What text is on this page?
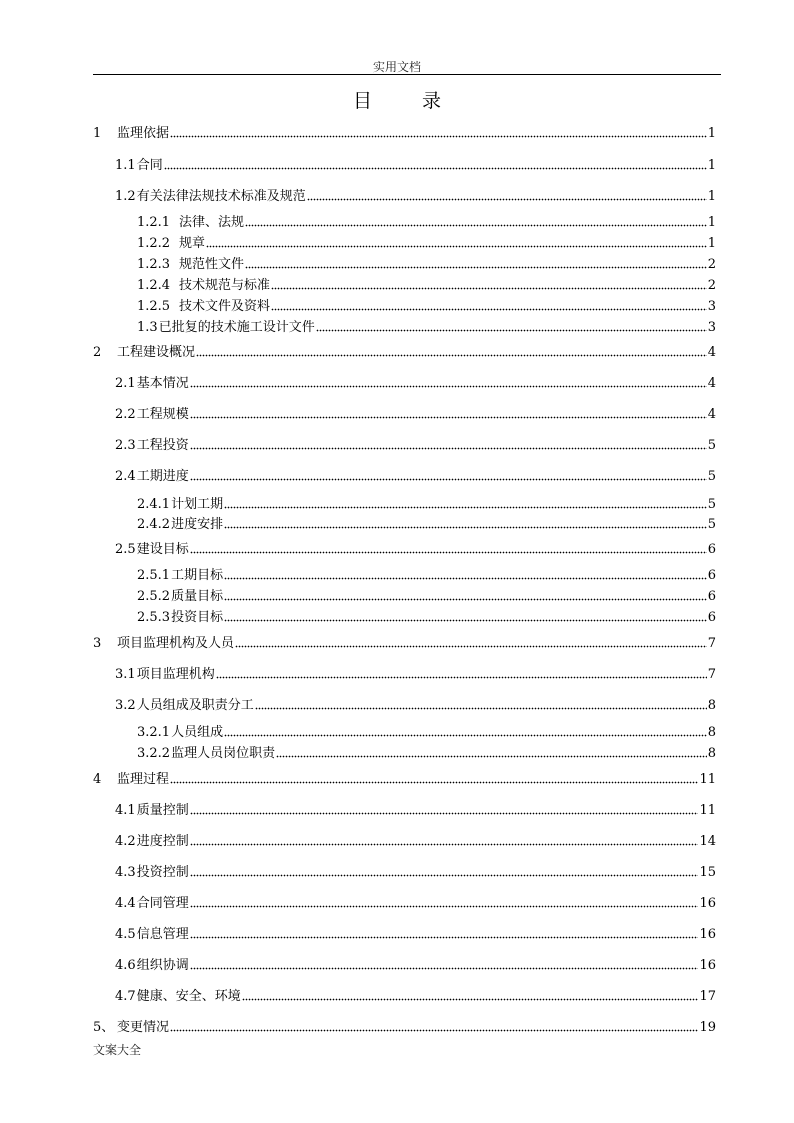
实用文档
目 录
1	监理依据	1
1.1 合同	1
1.2 有关法律法规技术标准及规范	1
1.2.1 法律、法规	1
1.2.2 规章	1
1.2.3 规范性文件	2
1.2.4 技术规范与标准	2
1.2.5 技术文件及资料	3
1.3 已批复的技术施工设计文件	3
2	工程建设概况	4
2.1 基本情况	4
2.2 工程规模	4
2.3 工程投资	5
2.4 工期进度	5
2.4.1 计划工期	5
2.4.2 进度安排	5
2.5 建设目标	6
2.5.1 工期目标	6
2.5.2 质量目标	6
2.5.3 投资目标	6
3	项目监理机构及人员	7
3.1 项目监理机构	7
3.2 人员组成及职责分工	8
3.2.1 人员组成	8
3.2.2 监理人员岗位职责	8
4	监理过程	11
4.1 质量控制	11
4.2 进度控制	14
4.3 投资控制	15
4.4 合同管理	16
4.5 信息管理	16
4.6 组织协调	16
4.7 健康、安全、环境	17
5、 变更情况	19
文案大全
